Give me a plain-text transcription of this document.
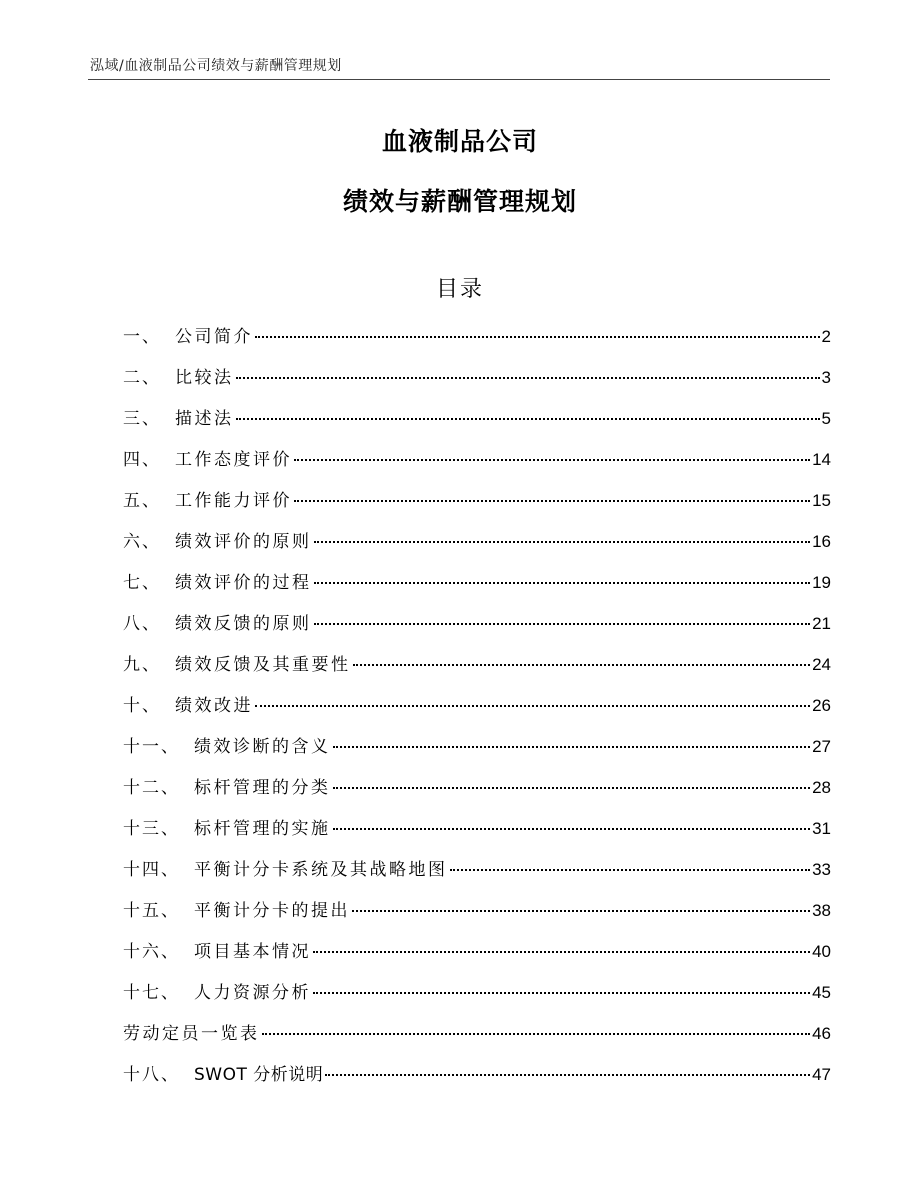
泓域/血液制品公司绩效与薪酬管理规划
血液制品公司
绩效与薪酬管理规划
目录
一、 公司简介	2
二、 比较法	3
三、 描述法	5
四、 工作态度评价	14
五、 工作能力评价	15
六、 绩效评价的原则	16
七、 绩效评价的过程	19
八、 绩效反馈的原则	21
九、 绩效反馈及其重要性	24
十、 绩效改进	26
十一、 绩效诊断的含义	27
十二、 标杆管理的分类	28
十三、 标杆管理的实施	31
十四、 平衡计分卡系统及其战略地图	33
十五、 平衡计分卡的提出	38
十六、 项目基本情况	40
十七、 人力资源分析	45
劳动定员一览表	46
十八、 SWOT 分析说明	47
